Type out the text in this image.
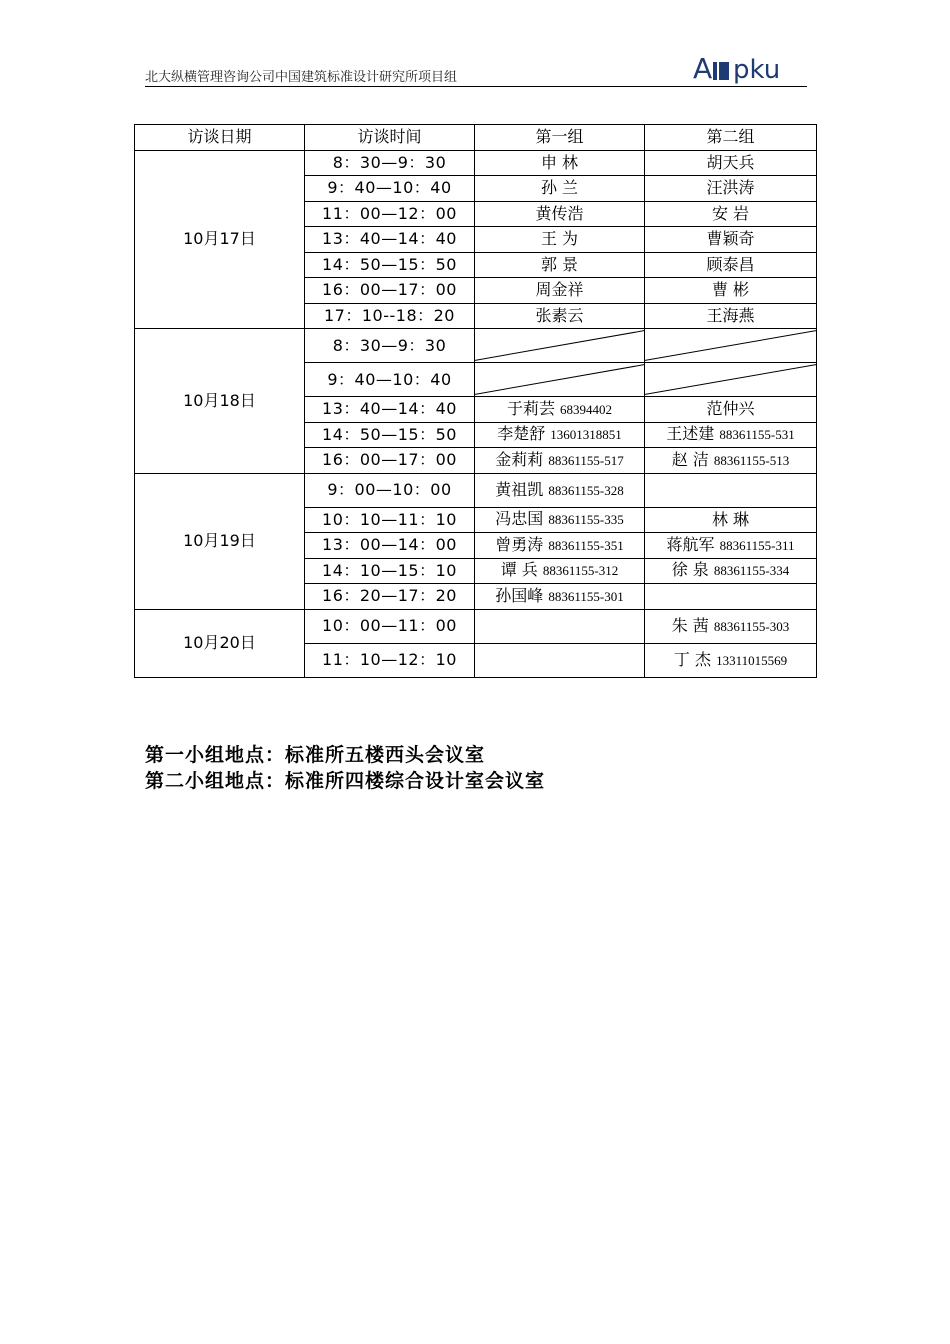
北大纵横管理咨询公司中国建筑标准设计研究所项目组	A pku
访谈日期	访谈时间	第一组	第二组
10月17日	8：30—9：30	申 林	胡天兵
	9：40—10：40	孙 兰	汪洪涛
	11：00—12：00	黄传浩	安 岩
	13：40—14：40	王 为	曹颖奇
	14：50—15：50	郭 景	顾泰昌
	16：00—17：00	周金祥	曹 彬
	17：10--18：20	张素云	王海燕
10月18日	8：30—9：30	

	9：40—10：40	

	13：40—14：40	于莉芸 68394402	范仲兴
	14：50—15：50	李楚舒 13601318851	王述建 88361155-531
	16：00—17：00	金莉莉 88361155-517	赵 洁 88361155-513
10月19日	9：00—10：00	黄祖凯 88361155-328	
	10：10—11：10	冯忠国 88361155-335	林 琳
	13：00—14：00	曾勇涛 88361155-351	蒋航军 88361155-311
	14：10—15：10	谭 兵 88361155-312	徐 泉 88361155-334
	16：20—17：20	孙国峰 88361155-301	
10月20日	10：00—11：00		朱 茜 88361155-303
	11：10—12：10		丁 杰 13311015569
第一小组地点：标准所五楼西头会议室
第二小组地点：标准所四楼综合设计室会议室
